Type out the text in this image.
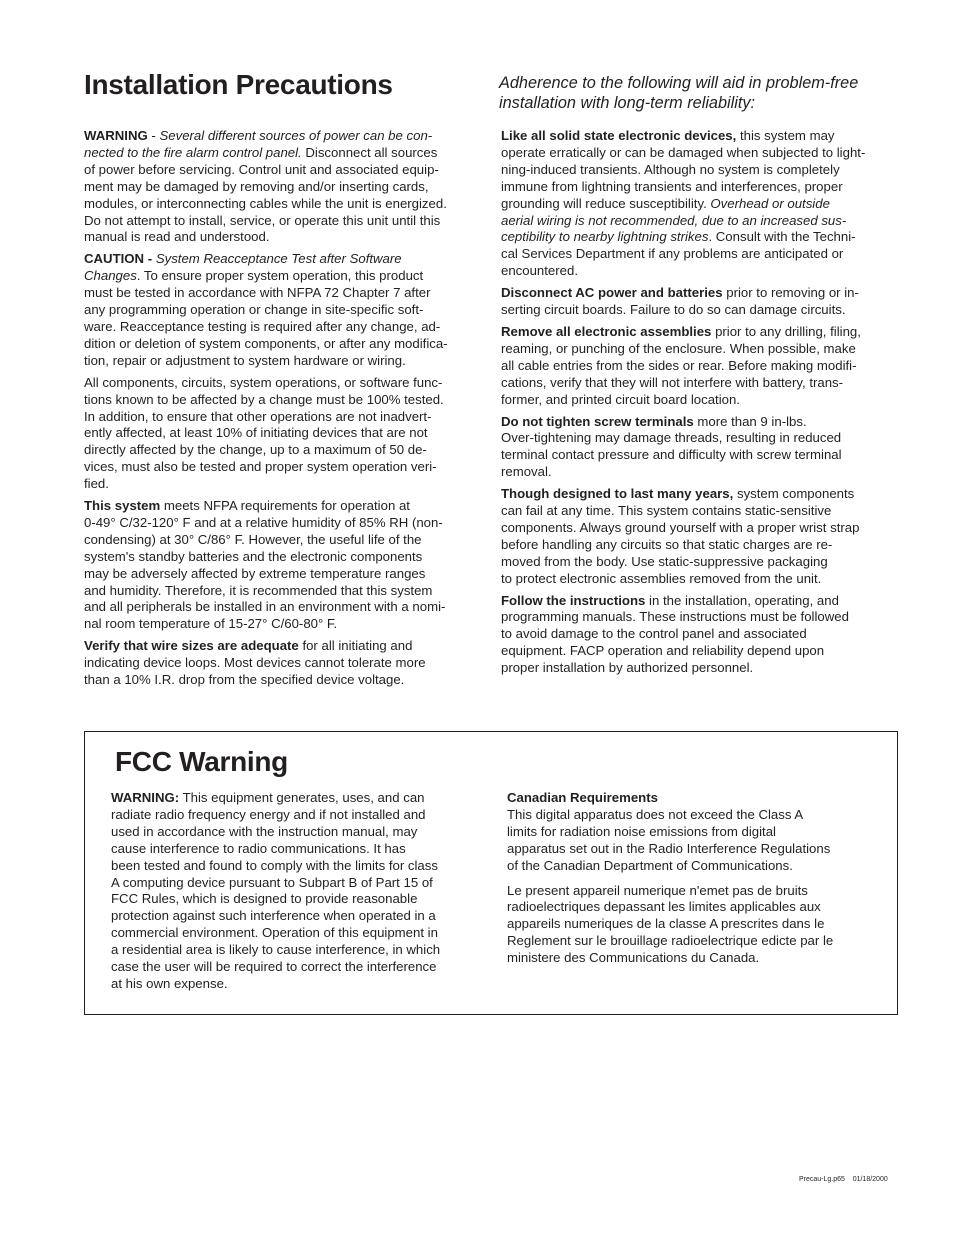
Installation Precautions	Adherence to the following will aid in problem-free
installation with long-term reliability:

WARNING - Several different sources of power can be con-
nected to the fire alarm control panel. Disconnect all sources
of power before servicing. Control unit and associated equip-
ment may be damaged by removing and/or inserting cards,
modules, or interconnecting cables while the unit is energized.
Do not attempt to install, service, or operate this unit until this
manual is read and understood.

CAUTION - System Reacceptance Test after Software
Changes. To ensure proper system operation, this product
must be tested in accordance with NFPA 72 Chapter 7 after
any programming operation or change in site-specific soft-
ware. Reacceptance testing is required after any change, ad-
dition or deletion of system components, or after any modifica-
tion, repair or adjustment to system hardware or wiring.

All components, circuits, system operations, or software func-
tions known to be affected by a change must be 100% tested.
In addition, to ensure that other operations are not inadvert-
ently affected, at least 10% of initiating devices that are not
directly affected by the change, up to a maximum of 50 de-
vices, must also be tested and proper system operation veri-
fied.

This system meets NFPA requirements for operation at
0-49° C/32-120° F and at a relative humidity of 85% RH (non-
condensing) at 30° C/86° F. However, the useful life of the
system's standby batteries and the electronic components
may be adversely affected by extreme temperature ranges
and humidity. Therefore, it is recommended that this system
and all peripherals be installed in an environment with a nomi-
nal room temperature of 15-27° C/60-80° F.

Verify that wire sizes are adequate for all initiating and
indicating device loops. Most devices cannot tolerate more
than a 10% I.R. drop from the specified device voltage.

Like all solid state electronic devices, this system may
operate erratically or can be damaged when subjected to light-
ning-induced transients. Although no system is completely
immune from lightning transients and interferences, proper
grounding will reduce susceptibility. Overhead or outside
aerial wiring is not recommended, due to an increased sus-
ceptibility to nearby lightning strikes. Consult with the Techni-
cal Services Department if any problems are anticipated or
encountered.

Disconnect AC power and batteries prior to removing or in-
serting circuit boards. Failure to do so can damage circuits.

Remove all electronic assemblies prior to any drilling, filing,
reaming, or punching of the enclosure. When possible, make
all cable entries from the sides or rear. Before making modifi-
cations, verify that they will not interfere with battery, trans-
former, and printed circuit board location.

Do not tighten screw terminals more than 9 in-lbs.
Over-tightening may damage threads, resulting in reduced
terminal contact pressure and difficulty with screw terminal
removal.

Though designed to last many years, system components
can fail at any time. This system contains static-sensitive
components. Always ground yourself with a proper wrist strap
before handling any circuits so that static charges are re-
moved from the body. Use static-suppressive packaging
to protect electronic assemblies removed from the unit.

Follow the instructions in the installation, operating, and
programming manuals. These instructions must be followed
to avoid damage to the control panel and associated
equipment. FACP operation and reliability depend upon
proper installation by authorized personnel.

FCC Warning

WARNING: This equipment generates, uses, and can
radiate radio frequency energy and if not installed and
used in accordance with the instruction manual, may
cause interference to radio communications. It has
been tested and found to comply with the limits for class
A computing device pursuant to Subpart B of Part 15 of
FCC Rules, which is designed to provide reasonable
protection against such interference when operated in a
commercial environment. Operation of this equipment in
a residential area is likely to cause interference, in which
case the user will be required to correct the interference
at his own expense.

Canadian Requirements

This digital apparatus does not exceed the Class A
limits for radiation noise emissions from digital
apparatus set out in the Radio Interference Regulations
of the Canadian Department of Communications.

Le present appareil numerique n'emet pas de bruits
radioelectriques depassant les limites applicables aux
appareils numeriques de la classe A prescrites dans le
Reglement sur le brouillage radioelectrique edicte par le
ministere des Communications du Canada.

Precau-Lg.p65    01/18/2000
